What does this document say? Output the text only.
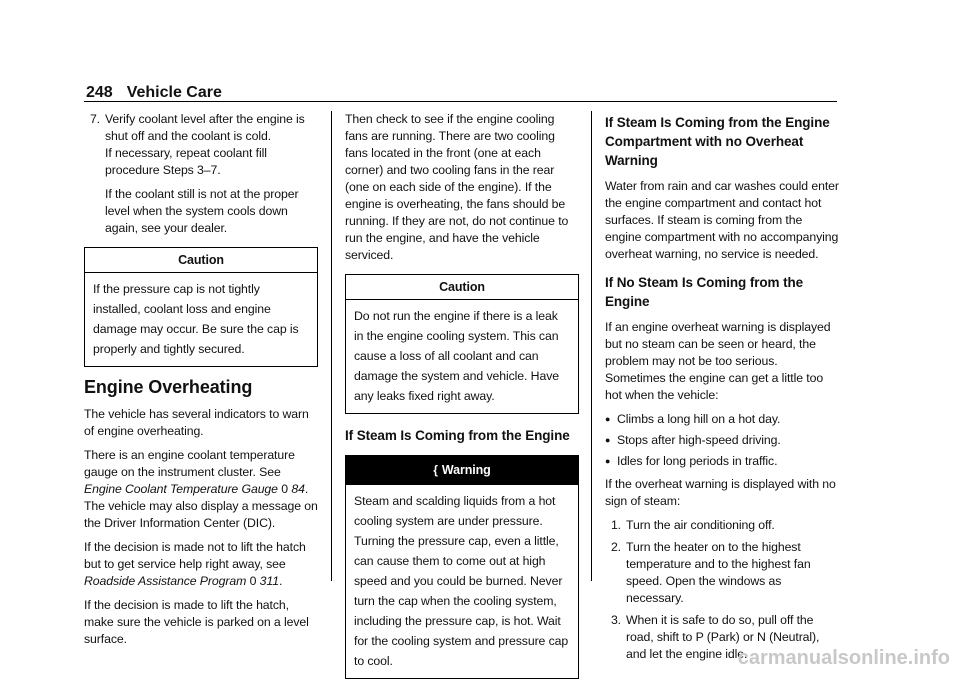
248 Vehicle Care
7. Verify coolant level after the engine is shut off and the coolant is cold.

If necessary, repeat coolant fill procedure Steps 3–7.

If the coolant still is not at the proper level when the system cools down again, see your dealer.

Caution
If the pressure cap is not tightly installed, coolant loss and engine damage may occur. Be sure the cap is properly and tightly secured.
Engine Overheating

The vehicle has several indicators to warn of engine overheating.

There is an engine coolant temperature gauge on the instrument cluster. See Engine Coolant Temperature Gauge 0 84. The vehicle may also display a message on the Driver Information Center (DIC).

If the decision is made not to lift the hatch but to get service help right away, see Roadside Assistance Program 0 311.

If the decision is made to lift the hatch, make sure the vehicle is parked on a level surface.

Then check to see if the engine cooling fans are running. There are two cooling fans located in the front (one at each corner) and two cooling fans in the rear (one on each side of the engine). If the engine is overheating, the fans should be running. If they are not, do not continue to run the engine, and have the vehicle serviced.

Caution
Do not run the engine if there is a leak in the engine cooling system. This can cause a loss of all coolant and can damage the system and vehicle. Have any leaks fixed right away.
If Steam Is Coming from the Engine
{ Warning
Steam and scalding liquids from a hot cooling system are under pressure. Turning the pressure cap, even a little, can cause them to come out at high speed and you could be burned. Never turn the cap when the cooling system, including the pressure cap, is hot. Wait for the cooling system and pressure cap to cool.
If Steam Is Coming from the Engine Compartment with no Overheat Warning

Water from rain and car washes could enter the engine compartment and contact hot surfaces. If steam is coming from the engine compartment with no accompanying overheat warning, no service is needed.

If No Steam Is Coming from the Engine

If an engine overheat warning is displayed but no steam can be seen or heard, the problem may not be too serious. Sometimes the engine can get a little too hot when the vehicle:

● Climbs a long hill on a hot day.
● Stops after high-speed driving.
● Idles for long periods in traffic.

If the overheat warning is displayed with no sign of steam:

1. Turn the air conditioning off.
2. Turn the heater on to the highest temperature and to the highest fan speed. Open the windows as necessary.
3. When it is safe to do so, pull off the road, shift to P (Park) or N (Neutral), and let the engine idle.
carmanualsonline.info
